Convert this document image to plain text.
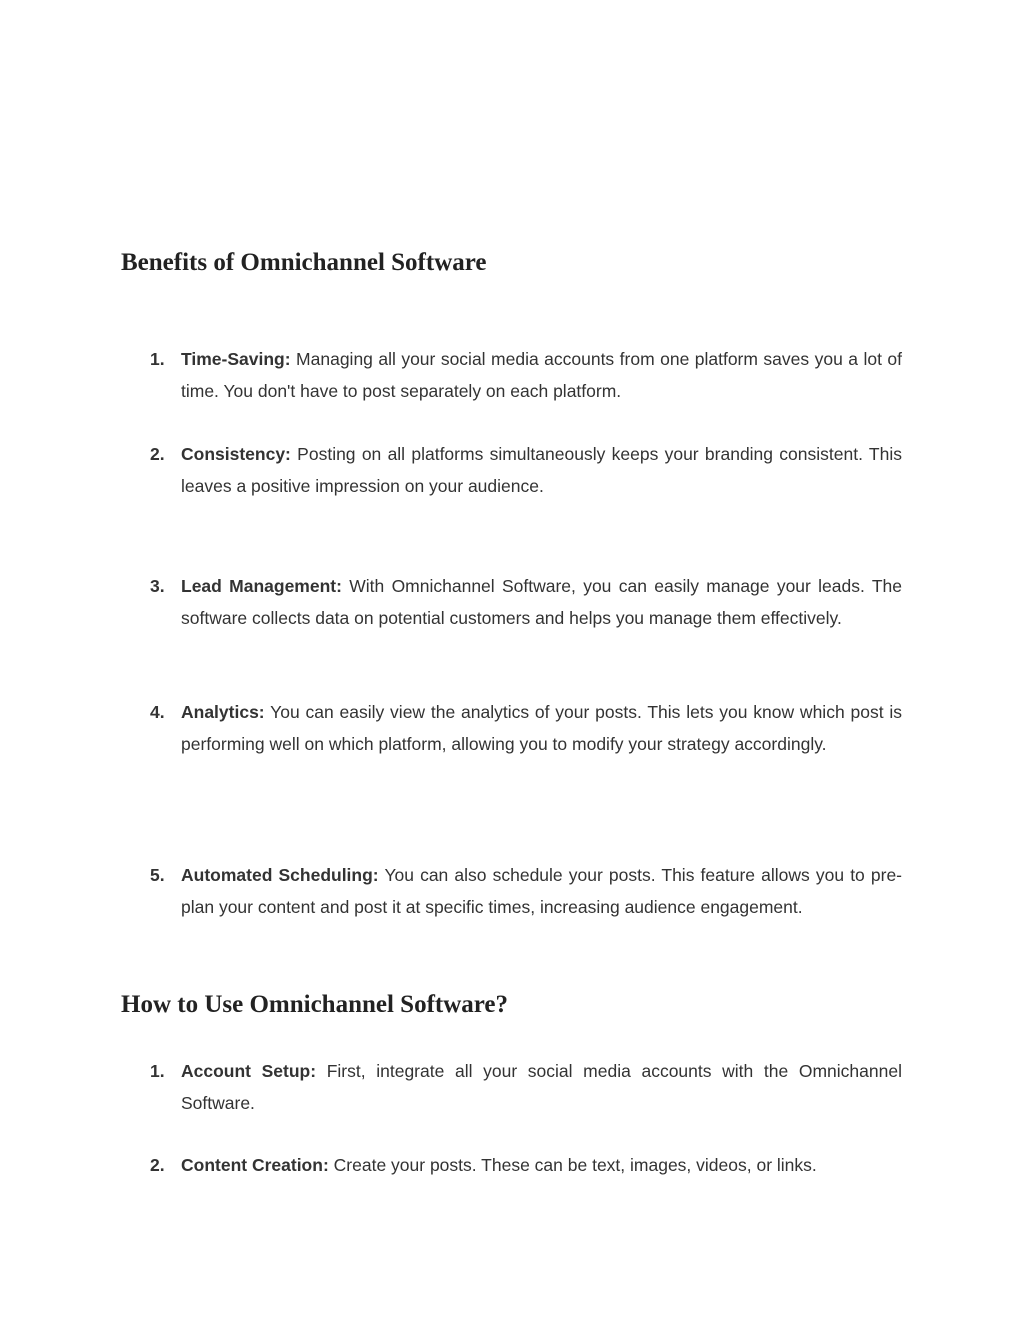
Benefits of Omnichannel Software
1. Time-Saving: Managing all your social media accounts from one platform saves you a lot of time. You don't have to post separately on each platform.
2. Consistency: Posting on all platforms simultaneously keeps your branding consistent. This leaves a positive impression on your audience.
3. Lead Management: With Omnichannel Software, you can easily manage your leads. The software collects data on potential customers and helps you manage them effectively.
4. Analytics: You can easily view the analytics of your posts. This lets you know which post is performing well on which platform, allowing you to modify your strategy accordingly.
5. Automated Scheduling: You can also schedule your posts. This feature allows you to pre-plan your content and post it at specific times, increasing audience engagement.
How to Use Omnichannel Software?
1. Account Setup: First, integrate all your social media accounts with the Omnichannel Software.
2. Content Creation: Create your posts. These can be text, images, videos, or links.
